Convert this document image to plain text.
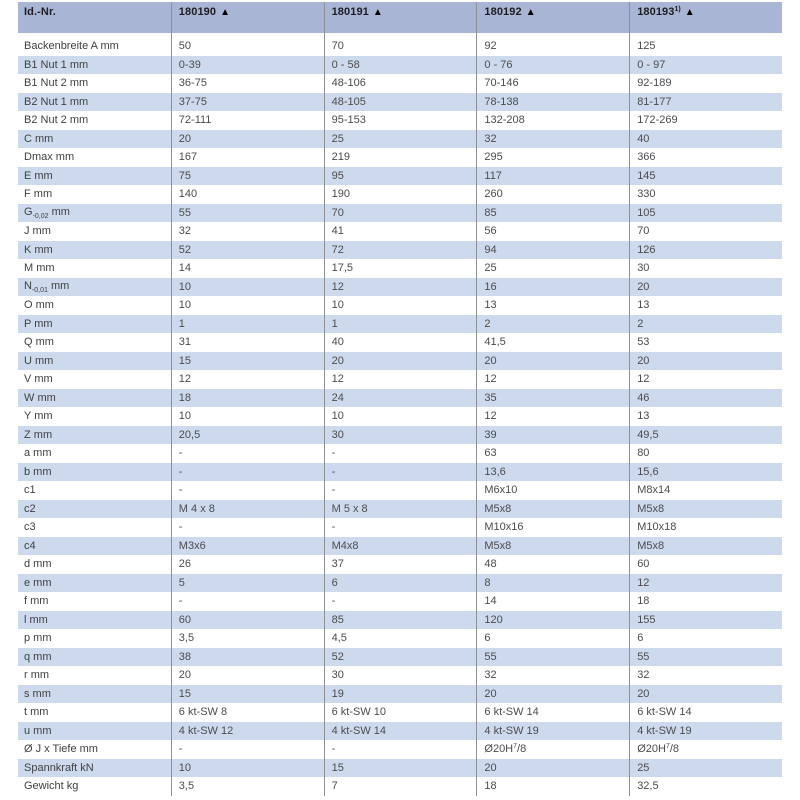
Id.-Nr.	180190 ▲	180191 ▲	180192 ▲	180193$^{1)}$ ▲
Backenbreite A mm	50	70	92	125
B1 Nut 1 mm	0-39	0 - 58	0 - 76	0 - 97
B1 Nut 2 mm	36-75	48-106	70-146	92-189
B2 Nut 1 mm	37-75	48-105	78-138	81-177
B2 Nut 2 mm	72-111	95-153	132-208	172-269
C mm	20	25	32	40
Dmax mm	167	219	295	366
E mm	75	95	117	145
F mm	140	190	260	330
$G_{-0,02}$ mm	55	70	85	105
J mm	32	41	56	70
K mm	52	72	94	126
M mm	14	17,5	25	30
$N_{-0,01}$ mm	10	12	16	20
O mm	10	10	13	13
P mm	1	1	2	2
Q mm	31	40	41,5	53
U mm	15	20	20	20
V mm	12	12	12	12
W mm	18	24	35	46
Y mm	10	10	12	13
Z mm	20,5	30	39	49,5
a mm	-	-	63	80
b mm	-	-	13,6	15,6
c1	-	-	M6x10	M8x14
c2	M 4 x 8	M 5 x 8	M5x8	M5x8
c3	-	-	M10x16	M10x18
c4	M3x6	M4x8	M5x8	M5x8
d mm	26	37	48	60
e mm	5	6	8	12
f mm	-	-	14	18
l mm	60	85	120	155
p mm	3,5	4,5	6	6
q mm	38	52	55	55
r mm	20	30	32	32
s mm	15	19	20	20
t mm	6 kt-SW 8	6 kt-SW 10	6 kt-SW 14	6 kt-SW 14
u mm	4 kt-SW 12	4 kt-SW 14	4 kt-SW 19	4 kt-SW 19
Ø J x Tiefe mm	-	-	$Ø20H^7/8$	$Ø20H^7/8$
Spannkraft kN	10	15	20	25
Gewicht kg	3,5	7	18	32,5
